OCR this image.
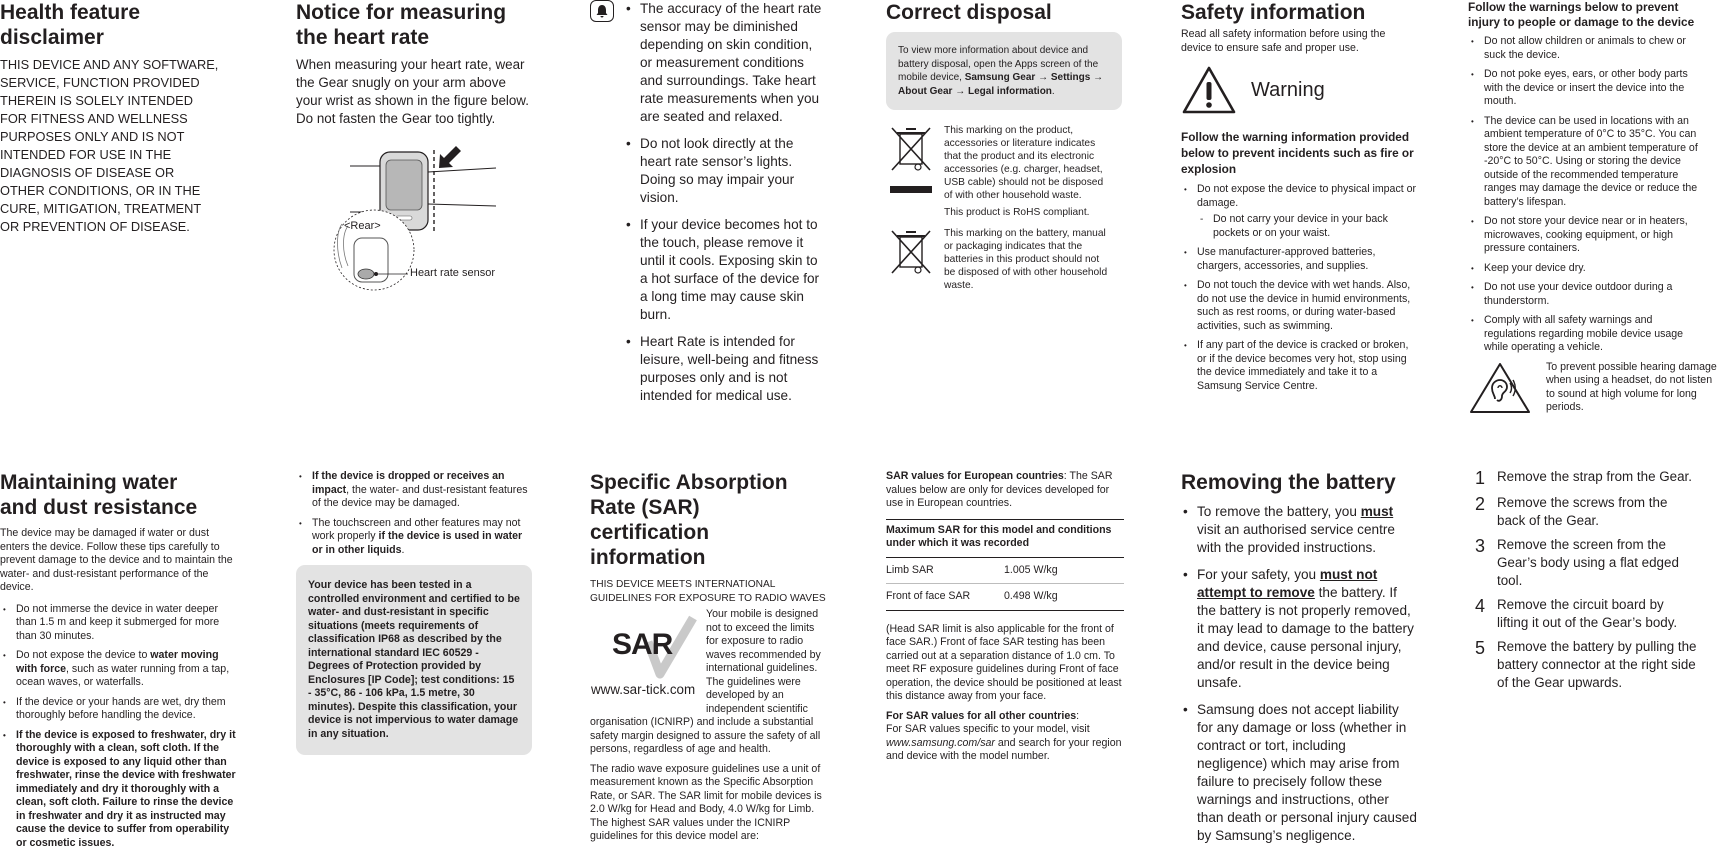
Health feature disclaimer
THIS DEVICE AND ANY SOFTWARE, SERVICE, FUNCTION PROVIDED THEREIN IS SOLELY INTENDED FOR FITNESS AND WELLNESS PURPOSES ONLY AND IS NOT INTENDED FOR USE IN THE DIAGNOSIS OF DISEASE OR OTHER CONDITIONS, OR IN THE CURE, MITIGATION, TREATMENT OR PREVENTION OF DISEASE.
Notice for measuring the heart rate
When measuring your heart rate, wear the Gear snugly on your arm above your wrist as shown in the figure below. Do not fasten the Gear too tightly.
<Rear>
Heart rate sensor
• The accuracy of the heart rate sensor may be diminished depending on skin condition, or measurement conditions and surroundings. Take heart rate measurements when you are seated and relaxed.
• Do not look directly at the heart rate sensor’s lights. Doing so may impair your vision.
• If your device becomes hot to the touch, please remove it until it cools. Exposing skin to a hot surface of the device for a long time may cause skin burn.
• Heart Rate is intended for leisure, well-being and fitness purposes only and is not intended for medical use.
Correct disposal
To view more information about device and battery disposal, open the Apps screen of the mobile device, Samsung Gear → Settings → About Gear → Legal information.
This marking on the product, accessories or literature indicates that the product and its electronic accessories (e.g. charger, headset, USB cable) should not be disposed of with other household waste.
This product is RoHS compliant.
This marking on the battery, manual or packaging indicates that the batteries in this product should not be disposed of with other household waste.
Safety information
Read all safety information before using the device to ensure safe and proper use.
Warning
Follow the warning information provided below to prevent incidents such as fire or explosion
• Do not expose the device to physical impact or damage.
- Do not carry your device in your back pockets or on your waist.
• Use manufacturer-approved batteries, chargers, accessories, and supplies.
• Do not touch the device with wet hands. Also, do not use the device in humid environments, such as rest rooms, or during water-based activities, such as swimming.
• If any part of the device is cracked or broken, or if the device becomes very hot, stop using the device immediately and take it to a Samsung Service Centre.
Follow the warnings below to prevent injury to people or damage to the device
• Do not allow children or animals to chew or suck the device.
• Do not poke eyes, ears, or other body parts with the device or insert the device into the mouth.
• The device can be used in locations with an ambient temperature of 0°C to 35°C. You can store the device at an ambient temperature of -20°C to 50°C. Using or storing the device outside of the recommended temperature ranges may damage the device or reduce the battery’s lifespan.
• Do not store your device near or in heaters, microwaves, cooking equipment, or high pressure containers.
• Keep your device dry.
• Do not use your device outdoor during a thunderstorm.
• Comply with all safety warnings and regulations regarding mobile device usage while operating a vehicle.
To prevent possible hearing damage when using a headset, do not listen to sound at high volume for long periods.
Maintaining water and dust resistance
The device may be damaged if water or dust enters the device. Follow these tips carefully to prevent damage to the device and to maintain the water- and dust-resistant performance of the device.
• Do not immerse the device in water deeper than 1.5 m and keep it submerged for more than 30 minutes.
• Do not expose the device to water moving with force, such as water running from a tap, ocean waves, or waterfalls.
• If the device or your hands are wet, dry them thoroughly before handling the device.
• If the device is exposed to freshwater, dry it thoroughly with a clean, soft cloth. If the device is exposed to any liquid other than freshwater, rinse the device with freshwater immediately and dry it thoroughly with a clean, soft cloth. Failure to rinse the device in freshwater and dry it as instructed may cause the device to suffer from operability or cosmetic issues.
• If the device is dropped or receives an impact, the water- and dust-resistant features of the device may be damaged.
• The touchscreen and other features may not work properly if the device is used in water or in other liquids.
Your device has been tested in a controlled environment and certified to be water- and dust-resistant in specific situations (meets requirements of classification IP68 as described by the international standard IEC 60529 - Degrees of Protection provided by Enclosures [IP Code]; test conditions: 15 - 35°C, 86 - 106 kPa, 1.5 metre, 30 minutes). Despite this classification, your device is not impervious to water damage in any situation.
Specific Absorption Rate (SAR) certification information
THIS DEVICE MEETS INTERNATIONAL GUIDELINES FOR EXPOSURE TO RADIO WAVES
SAR
www.sar-tick.com
Your mobile is designed not to exceed the limits for exposure to radio waves recommended by international guidelines. The guidelines were developed by an independent scientific
organisation (ICNIRP) and include a substantial safety margin designed to assure the safety of all persons, regardless of age and health.
The radio wave exposure guidelines use a unit of measurement known as the Specific Absorption Rate, or SAR. The SAR limit for mobile devices is 2.0 W/kg for Head and Body, 4.0 W/kg for Limb. The highest SAR values under the ICNIRP guidelines for this device model are:
SAR values for European countries: The SAR values below are only for devices developed for use in European countries.
Maximum SAR for this model and conditions under which it was recorded
Limb SAR	1.005 W/kg
Front of face SAR	0.498 W/kg
(Head SAR limit is also applicable for the front of face SAR.) Front of face SAR testing has been carried out at a separation distance of 1.0 cm. To meet RF exposure guidelines during Front of face operation, the device should be positioned at least this distance away from your face.
For SAR values for all other countries:
For SAR values specific to your model, visit www.samsung.com/sar and search for your region and device with the model number.
Removing the battery
• To remove the battery, you must visit an authorised service centre with the provided instructions.
• For your safety, you must not attempt to remove the battery. If the battery is not properly removed, it may lead to damage to the battery and device, cause personal injury, and/or result in the device being unsafe.
• Samsung does not accept liability for any damage or loss (whether in contract or tort, including negligence) which may arise from failure to precisely follow these warnings and instructions, other than death or personal injury caused by Samsung’s negligence.
1 Remove the strap from the Gear.
2 Remove the screws from the back of the Gear.
3 Remove the screen from the Gear’s body using a flat edged tool.
4 Remove the circuit board by lifting it out of the Gear’s body.
5 Remove the battery by pulling the battery connector at the right side of the Gear upwards.
